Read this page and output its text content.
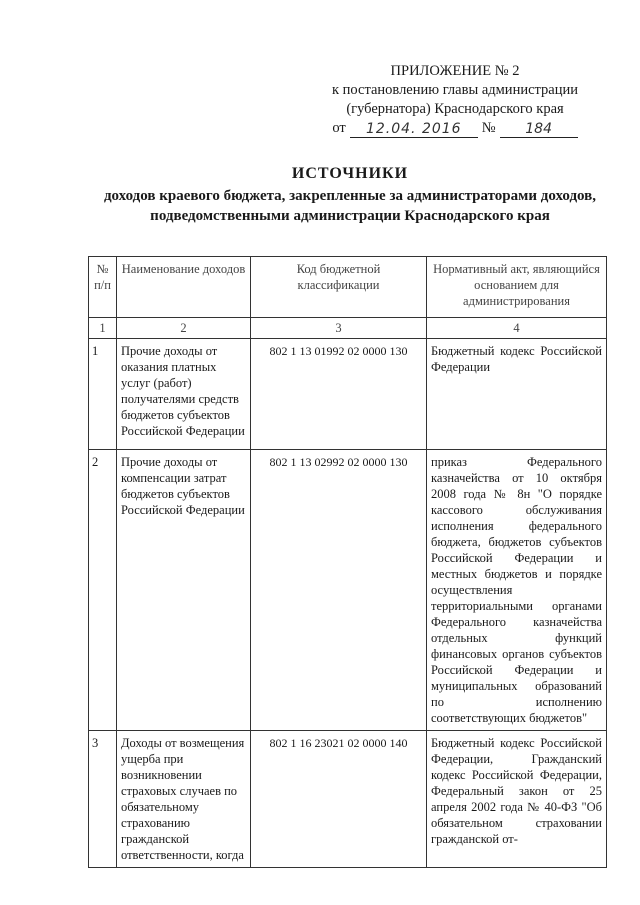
ПРИЛОЖЕНИЕ № 2
к постановлению главы администрации
(губернатора) Краснодарского края
от	12.04. 2016	№	184
ИСТОЧНИКИ
доходов краевого бюджета, закрепленные за администраторами доходов, подведомственными администрации Краснодарского края
№ п/п	Наименование доходов	Код бюджетной классификации	Нормативный акт, являющийся основанием для администрирования
1	2	3	4
1	Прочие доходы от оказания платных услуг (работ) получателями средств бюджетов субъектов Российской Федерации	802 1 13 01992 02 0000 130	Бюджетный кодекс Российской Федерации
2	Прочие доходы от компенсации затрат бюджетов субъектов Российской Федерации	802 1 13 02992 02 0000 130	приказ Федерального казначейства от 10 октября 2008 года № 8н "О порядке кассового обслуживания исполнения федерального бюджета, бюджетов субъектов Российской Федерации и местных бюджетов и порядке осуществления территориальными органами Федерального казначейства отдельных функций финансовых органов субъектов Российской Федерации и муниципальных образований по исполнению соответствующих бюджетов"
3	Доходы от возмещения ущерба при возникновении страховых случаев по обязательному страхованию гражданской ответственности, когда	802 1 16 23021 02 0000 140	Бюджетный кодекс Российской Федерации, Гражданский кодекс Российской Федерации, Федеральный закон от 25 апреля 2002 года № 40-ФЗ "Об обязательном страховании гражданской от-
